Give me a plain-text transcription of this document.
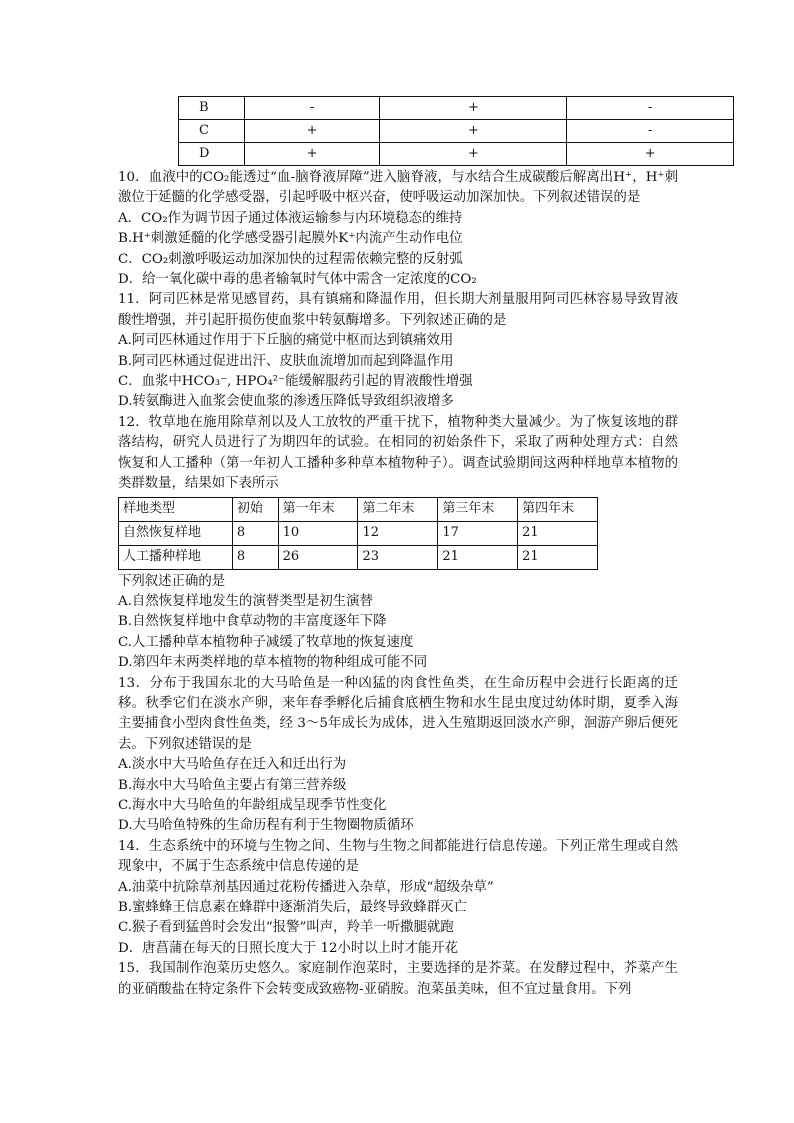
B	-	+	-
C	+	+	-
D	+	+	+

10．血液中的CO₂能透过“血-脑脊液屏障”进入脑脊液，与水结合生成碳酸后解离出H⁺，H⁺刺激位于延髓的化学感受器，引起呼吸中枢兴奋，使呼吸运动加深加快。下列叙述错误的是

A．CO₂作为调节因子通过体液运输参与内环境稳态的维持

B.H⁺刺激延髓的化学感受器引起膜外K⁺内流产生动作电位

C．CO₂刺激呼吸运动加深加快的过程需依赖完整的反射弧

D．给一氧化碳中毒的患者输氧时气体中需含一定浓度的CO₂

11．阿司匹林是常见感冒药，具有镇痛和降温作用，但长期大剂量服用阿司匹林容易导致胃液酸性增强，并引起肝损伤使血浆中转氨酶增多。下列叙述正确的是

A.阿司匹林通过作用于下丘脑的痛觉中枢而达到镇痛效用

B.阿司匹林通过促进出汗、皮肤血流增加而起到降温作用

C．血浆中HCO₃⁻, HPO₄²⁻能缓解服药引起的胃液酸性增强

D.转氨酶进入血浆会使血浆的渗透压降低导致组织液增多

12．牧草地在施用除草剂以及人工放牧的严重干扰下，植物种类大量减少。为了恢复该地的群落结构，研究人员进行了为期四年的试验。在相同的初始条件下，采取了两种处理方式：自然恢复和人工播种（第一年初人工播种多种草本植物种子）。调查试验期间这两种样地草本植物的类群数量，结果如下表所示

样地类型	初始	第一年末	第二年末	第三年末	第四年末
自然恢复样地	8	10	12	17	21
人工播种样地	8	26	23	21	21

下列叙述正确的是

A.自然恢复样地发生的演替类型是初生演替

B.自然恢复样地中食草动物的丰富度逐年下降

C.人工播种草本植物种子减缓了牧草地的恢复速度

D.第四年末两类样地的草本植物的物种组成可能不同

13．分布于我国东北的大马哈鱼是一种凶猛的肉食性鱼类，在生命历程中会进行长距离的迁移。秋季它们在淡水产卵，来年春季孵化后捕食底栖生物和水生昆虫度过幼体时期，夏季入海主要捕食小型肉食性鱼类，经 3～5年成长为成体，进入生殖期返回淡水产卵，洄游产卵后便死去。下列叙述错误的是

A.淡水中大马哈鱼存在迁入和迁出行为

B.海水中大马哈鱼主要占有第三营养级

C.海水中大马哈鱼的年龄组成呈现季节性变化

D.大马哈鱼特殊的生命历程有利于生物圈物质循环

14．生态系统中的环境与生物之间、生物与生物之间都能进行信息传递。下列正常生理或自然现象中，不属于生态系统中信息传递的是

A.油菜中抗除草剂基因通过花粉传播进入杂草，形成“超级杂草”

B.蜜蜂蜂王信息素在蜂群中逐渐消失后，最终导致蜂群灭亡

C.猴子看到猛兽时会发出“报警”叫声，羚羊一听撒腿就跑

D．唐菖蒲在每天的日照长度大于 12小时以上时才能开花

15．我国制作泡菜历史悠久。家庭制作泡菜时，主要选择的是芥菜。在发酵过程中，芥菜产生的亚硝酸盐在特定条件下会转变成致癌物-亚硝胺。泡菜虽美味，但不宜过量食用。下列
